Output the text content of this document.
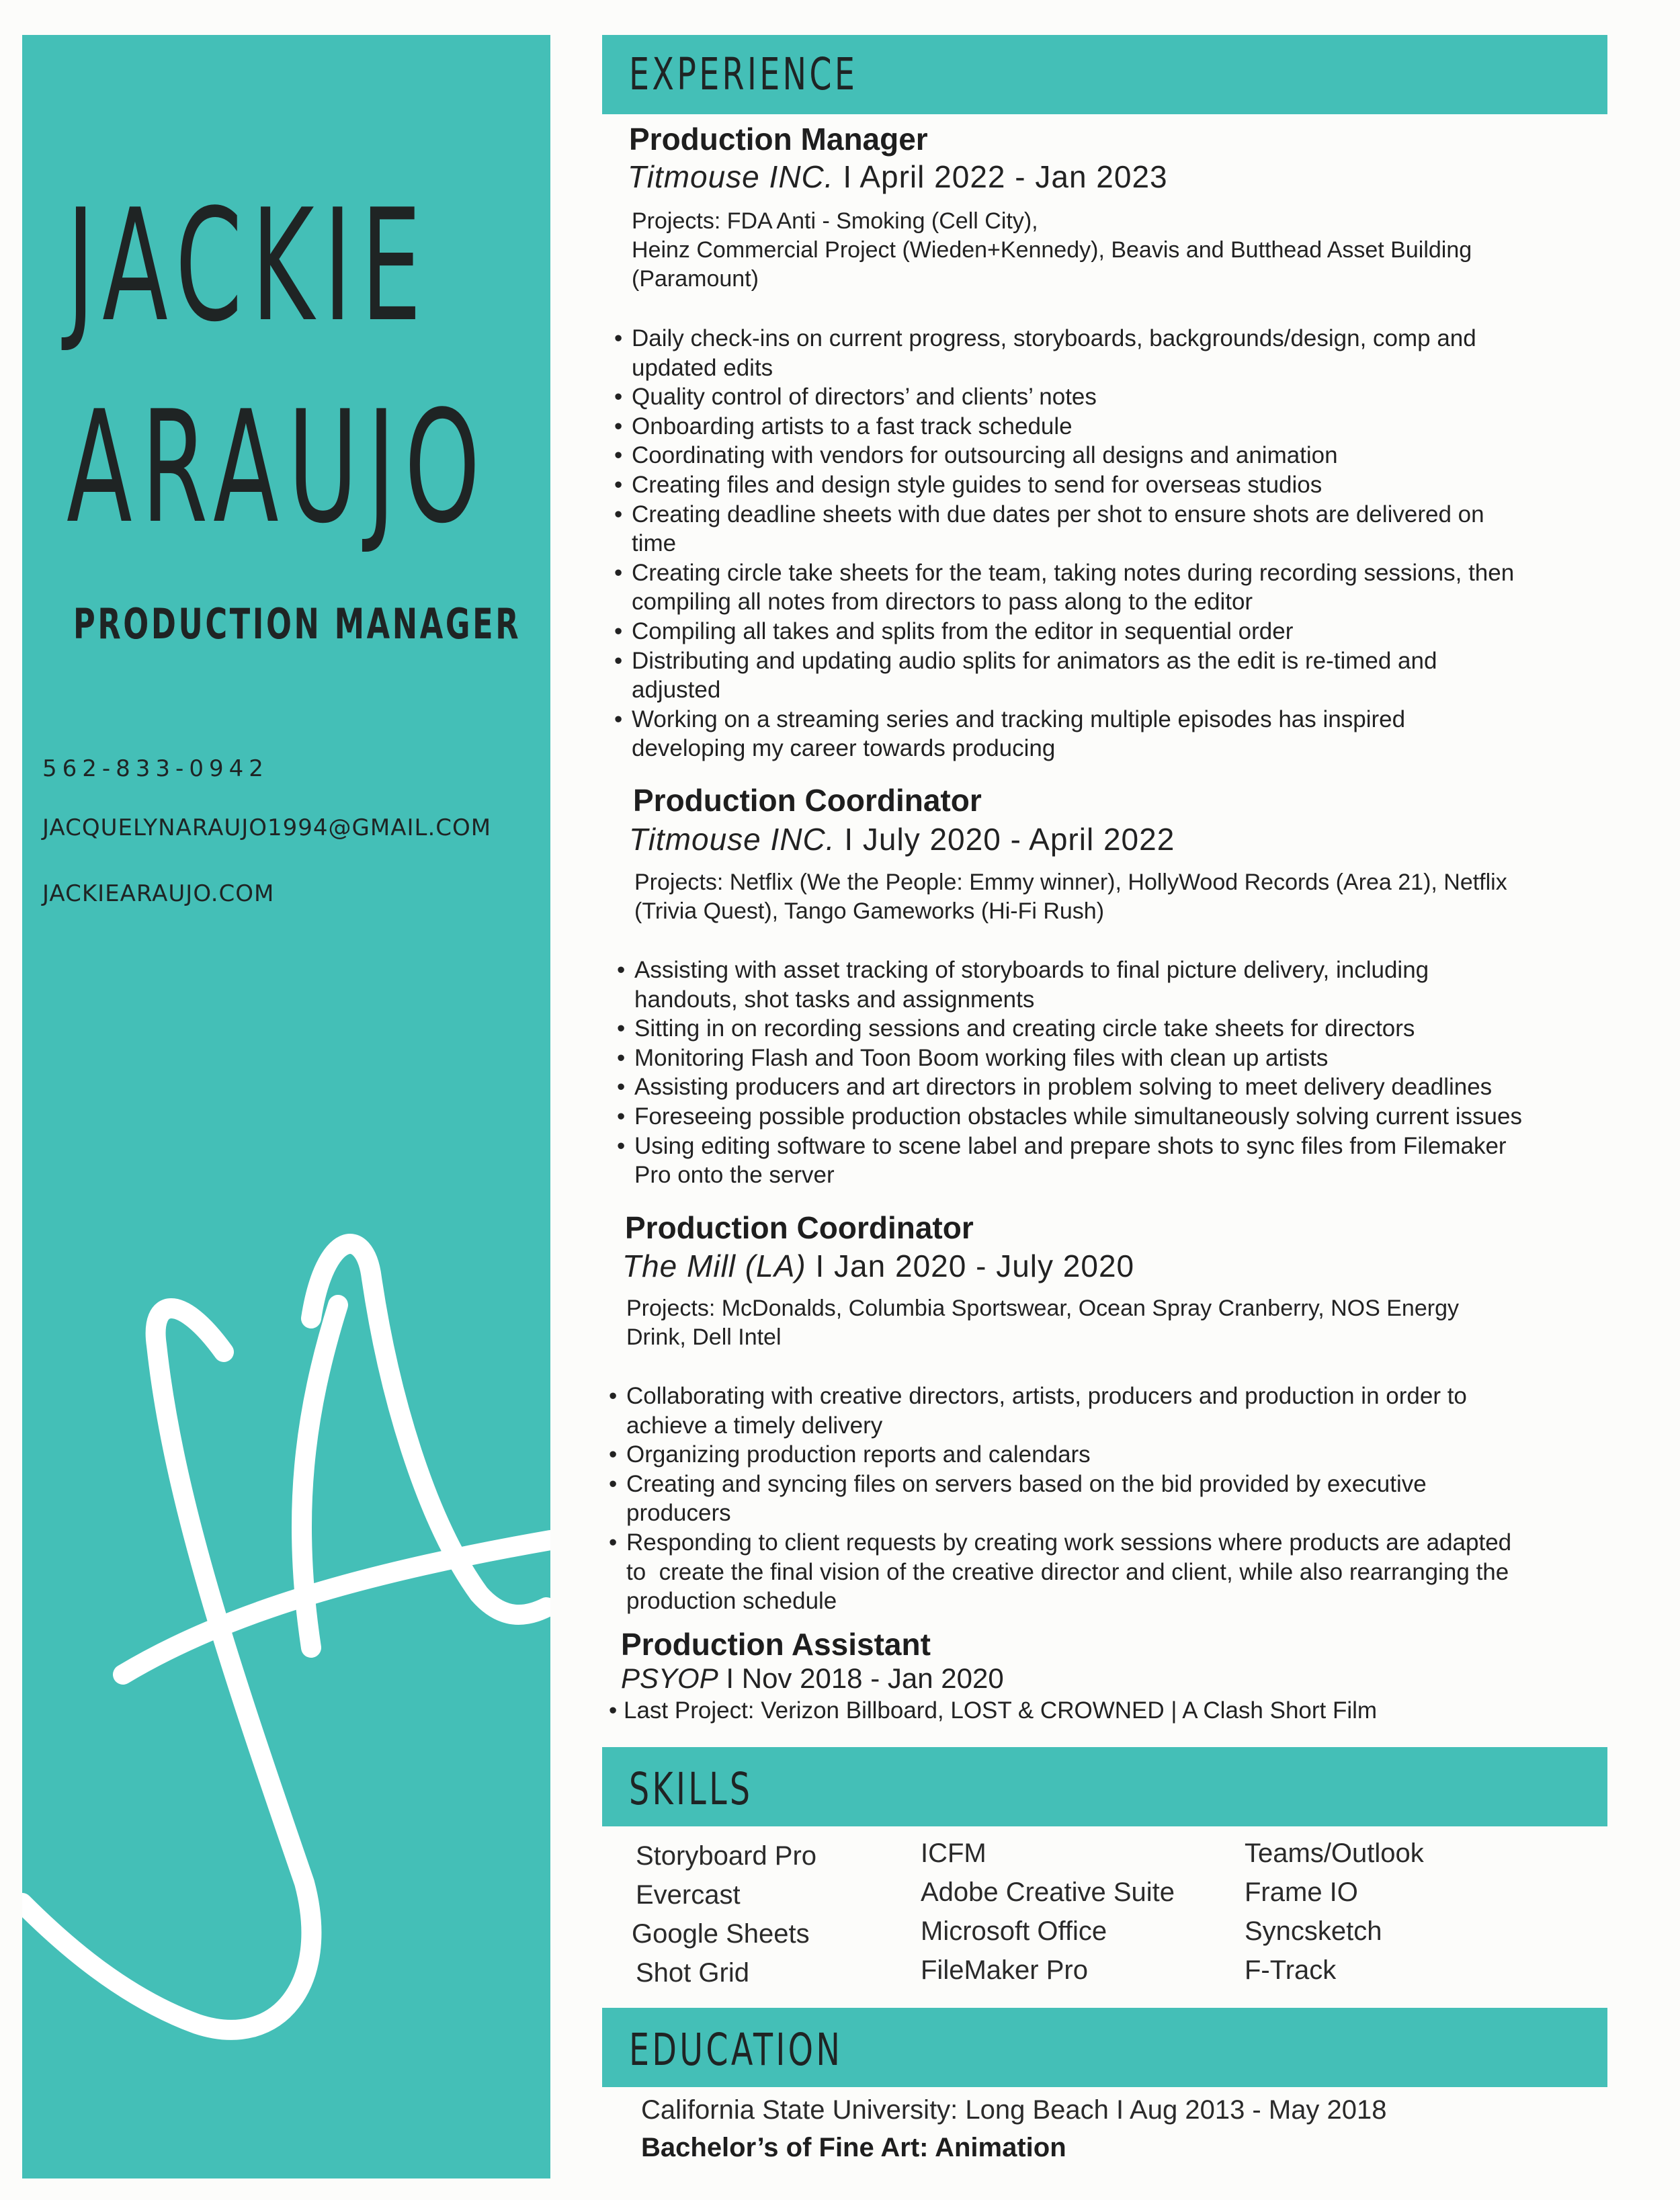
JACKIE
ARAUJO
PRODUCTION MANAGER
562-833-0942
JACQUELYNARAUJO1994@GMAIL.COM
JACKIEARAUJO.COM
EXPERIENCE
Production Manager
Titmouse INC. I April 2022 - Jan 2023
Projects: FDA Anti - Smoking (Cell City),
Heinz Commercial Project (Wieden+Kennedy), Beavis and Butthead Asset Building
(Paramount)
• Daily check-ins on current progress, storyboards, backgrounds/design, comp and
updated edits
• Quality control of directors’ and clients’ notes
• Onboarding artists to a fast track schedule
• Coordinating with vendors for outsourcing all designs and animation
• Creating files and design style guides to send for overseas studios
• Creating deadline sheets with due dates per shot to ensure shots are delivered on
time
• Creating circle take sheets for the team, taking notes during recording sessions, then
compiling all notes from directors to pass along to the editor
• Compiling all takes and splits from the editor in sequential order
• Distributing and updating audio splits for animators as the edit is re-timed and
adjusted
• Working on a streaming series and tracking multiple episodes has inspired
developing my career towards producing
Production Coordinator
Titmouse INC. I July 2020 - April 2022
Projects: Netflix (We the People: Emmy winner), HollyWood Records (Area 21), Netflix
(Trivia Quest), Tango Gameworks (Hi-Fi Rush)
• Assisting with asset tracking of storyboards to final picture delivery, including
handouts, shot tasks and assignments
• Sitting in on recording sessions and creating circle take sheets for directors
• Monitoring Flash and Toon Boom working files with clean up artists
• Assisting producers and art directors in problem solving to meet delivery deadlines
• Foreseeing possible production obstacles while simultaneously solving current issues
• Using editing software to scene label and prepare shots to sync files from Filemaker
Pro onto the server
Production Coordinator
The Mill (LA) I Jan 2020 - July 2020
Projects: McDonalds, Columbia Sportswear, Ocean Spray Cranberry, NOS Energy
Drink, Dell Intel
• Collaborating with creative directors, artists, producers and production in order to
achieve a timely delivery
• Organizing production reports and calendars
• Creating and syncing files on servers based on the bid provided by executive
producers
• Responding to client requests by creating work sessions where products are adapted
to  create the final vision of the creative director and client, while also rearranging the
production schedule
Production Assistant
PSYOP I Nov 2018 - Jan 2020
• Last Project: Verizon Billboard, LOST & CROWNED | A Clash Short Film
SKILLS
Storyboard Pro
Evercast
Google Sheets
Shot Grid
ICFM
Adobe Creative Suite
Microsoft Office
FileMaker Pro
Teams/Outlook
Frame IO
Syncsketch
F-Track
EDUCATION
California State University: Long Beach I Aug 2013 - May 2018
Bachelor’s of Fine Art: Animation
